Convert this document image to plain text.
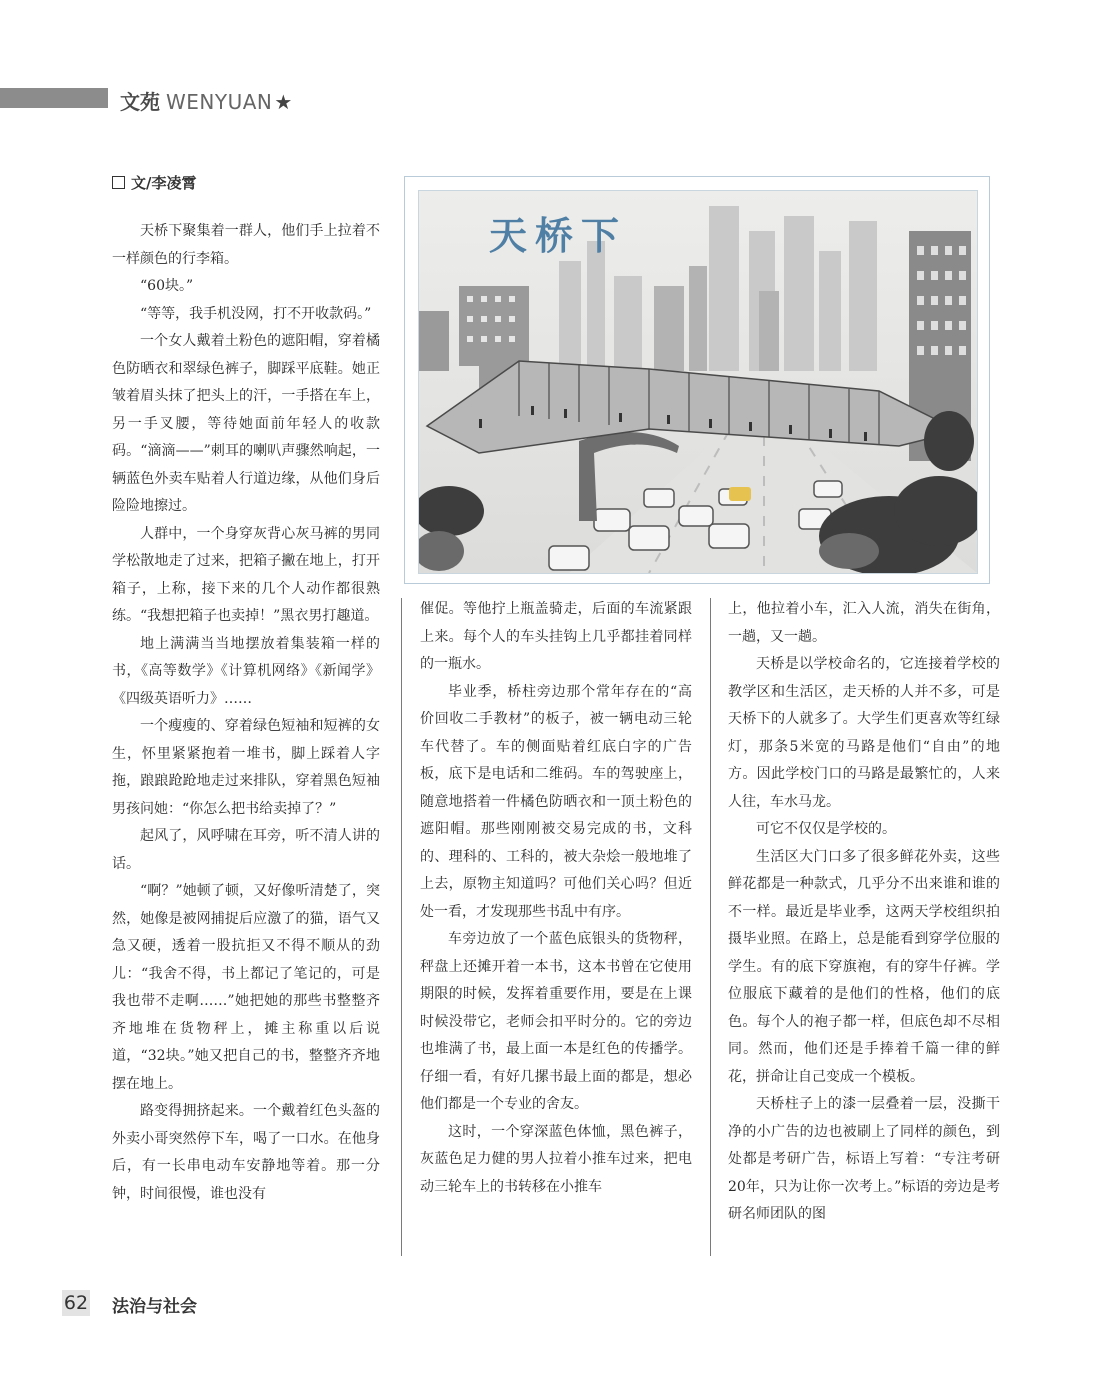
文苑 WENYUAN ★
文/李凌霄
天桥下

天桥下聚集着一群人，他们手上拉着不一样颜色的行李箱。

“60块。”

“等等，我手机没网，打不开收款码。”

一个女人戴着土粉色的遮阳帽，穿着橘色防晒衣和翠绿色裤子，脚踩平底鞋。她正皱着眉头抹了把头上的汗，一手搭在车上，另一手叉腰，等待她面前年轻人的收款码。“滴滴——”刺耳的喇叭声骤然响起，一辆蓝色外卖车贴着人行道边缘，从他们身后险险地擦过。

人群中，一个身穿灰背心灰马裤的男同学松散地走了过来，把箱子撇在地上，打开箱子，上称，接下来的几个人动作都很熟练。“我想把箱子也卖掉！”黑衣男打趣道。

地上满满当当地摆放着集装箱一样的书，《高等数学》《计算机网络》《新闻学》《四级英语听力》……

一个瘦瘦的、穿着绿色短袖和短裤的女生，怀里紧紧抱着一堆书，脚上踩着人字拖，踉踉跄跄地走过来排队，穿着黑色短袖男孩问她：“你怎么把书给卖掉了？”

起风了，风呼啸在耳旁，听不清人讲的话。

“啊？”她顿了顿，又好像听清楚了，突然，她像是被网捕捉后应激了的猫，语气又急又硬，透着一股抗拒又不得不顺从的劲儿：“我舍不得，书上都记了笔记的，可是我也带不走啊……”她把她的那些书整整齐齐地堆在货物秤上，摊主称重以后说道，“32块。”她又把自己的书，整整齐齐地摆在地上。

路变得拥挤起来。一个戴着红色头盔的外卖小哥突然停下车，喝了一口水。在他身后，有一长串电动车安静地等着。那一分钟，时间很慢，谁也没有

催促。等他拧上瓶盖骑走，后面的车流紧跟上来。每个人的车头挂钩上几乎都挂着同样的一瓶水。

毕业季，桥柱旁边那个常年存在的“高价回收二手教材”的板子，被一辆电动三轮车代替了。车的侧面贴着红底白字的广告板，底下是电话和二维码。车的驾驶座上，随意地搭着一件橘色防晒衣和一顶土粉色的遮阳帽。那些刚刚被交易完成的书，文科的、理科的、工科的，被大杂烩一般地堆了上去，原物主知道吗？可他们关心吗？但近处一看，才发现那些书乱中有序。

车旁边放了一个蓝色底银头的货物秤，秤盘上还摊开着一本书，这本书曾在它使用期限的时候，发挥着重要作用，要是在上课时候没带它，老师会扣平时分的。它的旁边也堆满了书，最上面一本是红色的传播学。仔细一看，有好几摞书最上面的都是，想必他们都是一个专业的舍友。

这时，一个穿深蓝色体恤，黑色裤子，灰蓝色足力健的男人拉着小推车过来，把电动三轮车上的书转移在小推车

上，他拉着小车，汇入人流，消失在街角，一趟，又一趟。

天桥是以学校命名的，它连接着学校的教学区和生活区，走天桥的人并不多，可是天桥下的人就多了。大学生们更喜欢等红绿灯，那条5米宽的马路是他们“自由”的地方。因此学校门口的马路是最繁忙的，人来人往，车水马龙。

可它不仅仅是学校的。

生活区大门口多了很多鲜花外卖，这些鲜花都是一种款式，几乎分不出来谁和谁的不一样。最近是毕业季，这两天学校组织拍摄毕业照。在路上，总是能看到穿学位服的学生。有的底下穿旗袍，有的穿牛仔裤。学位服底下藏着的是他们的性格，他们的底色。每个人的袍子都一样，但底色却不尽相同。然而，他们还是手捧着千篇一律的鲜花，拼命让自己变成一个模板。

天桥柱子上的漆一层叠着一层，没撕干净的小广告的边也被刷上了同样的颜色，到处都是考研广告，标语上写着：“专注考研20年，只为让你一次考上。”标语的旁边是考研名师团队的图

62 法治与社会
